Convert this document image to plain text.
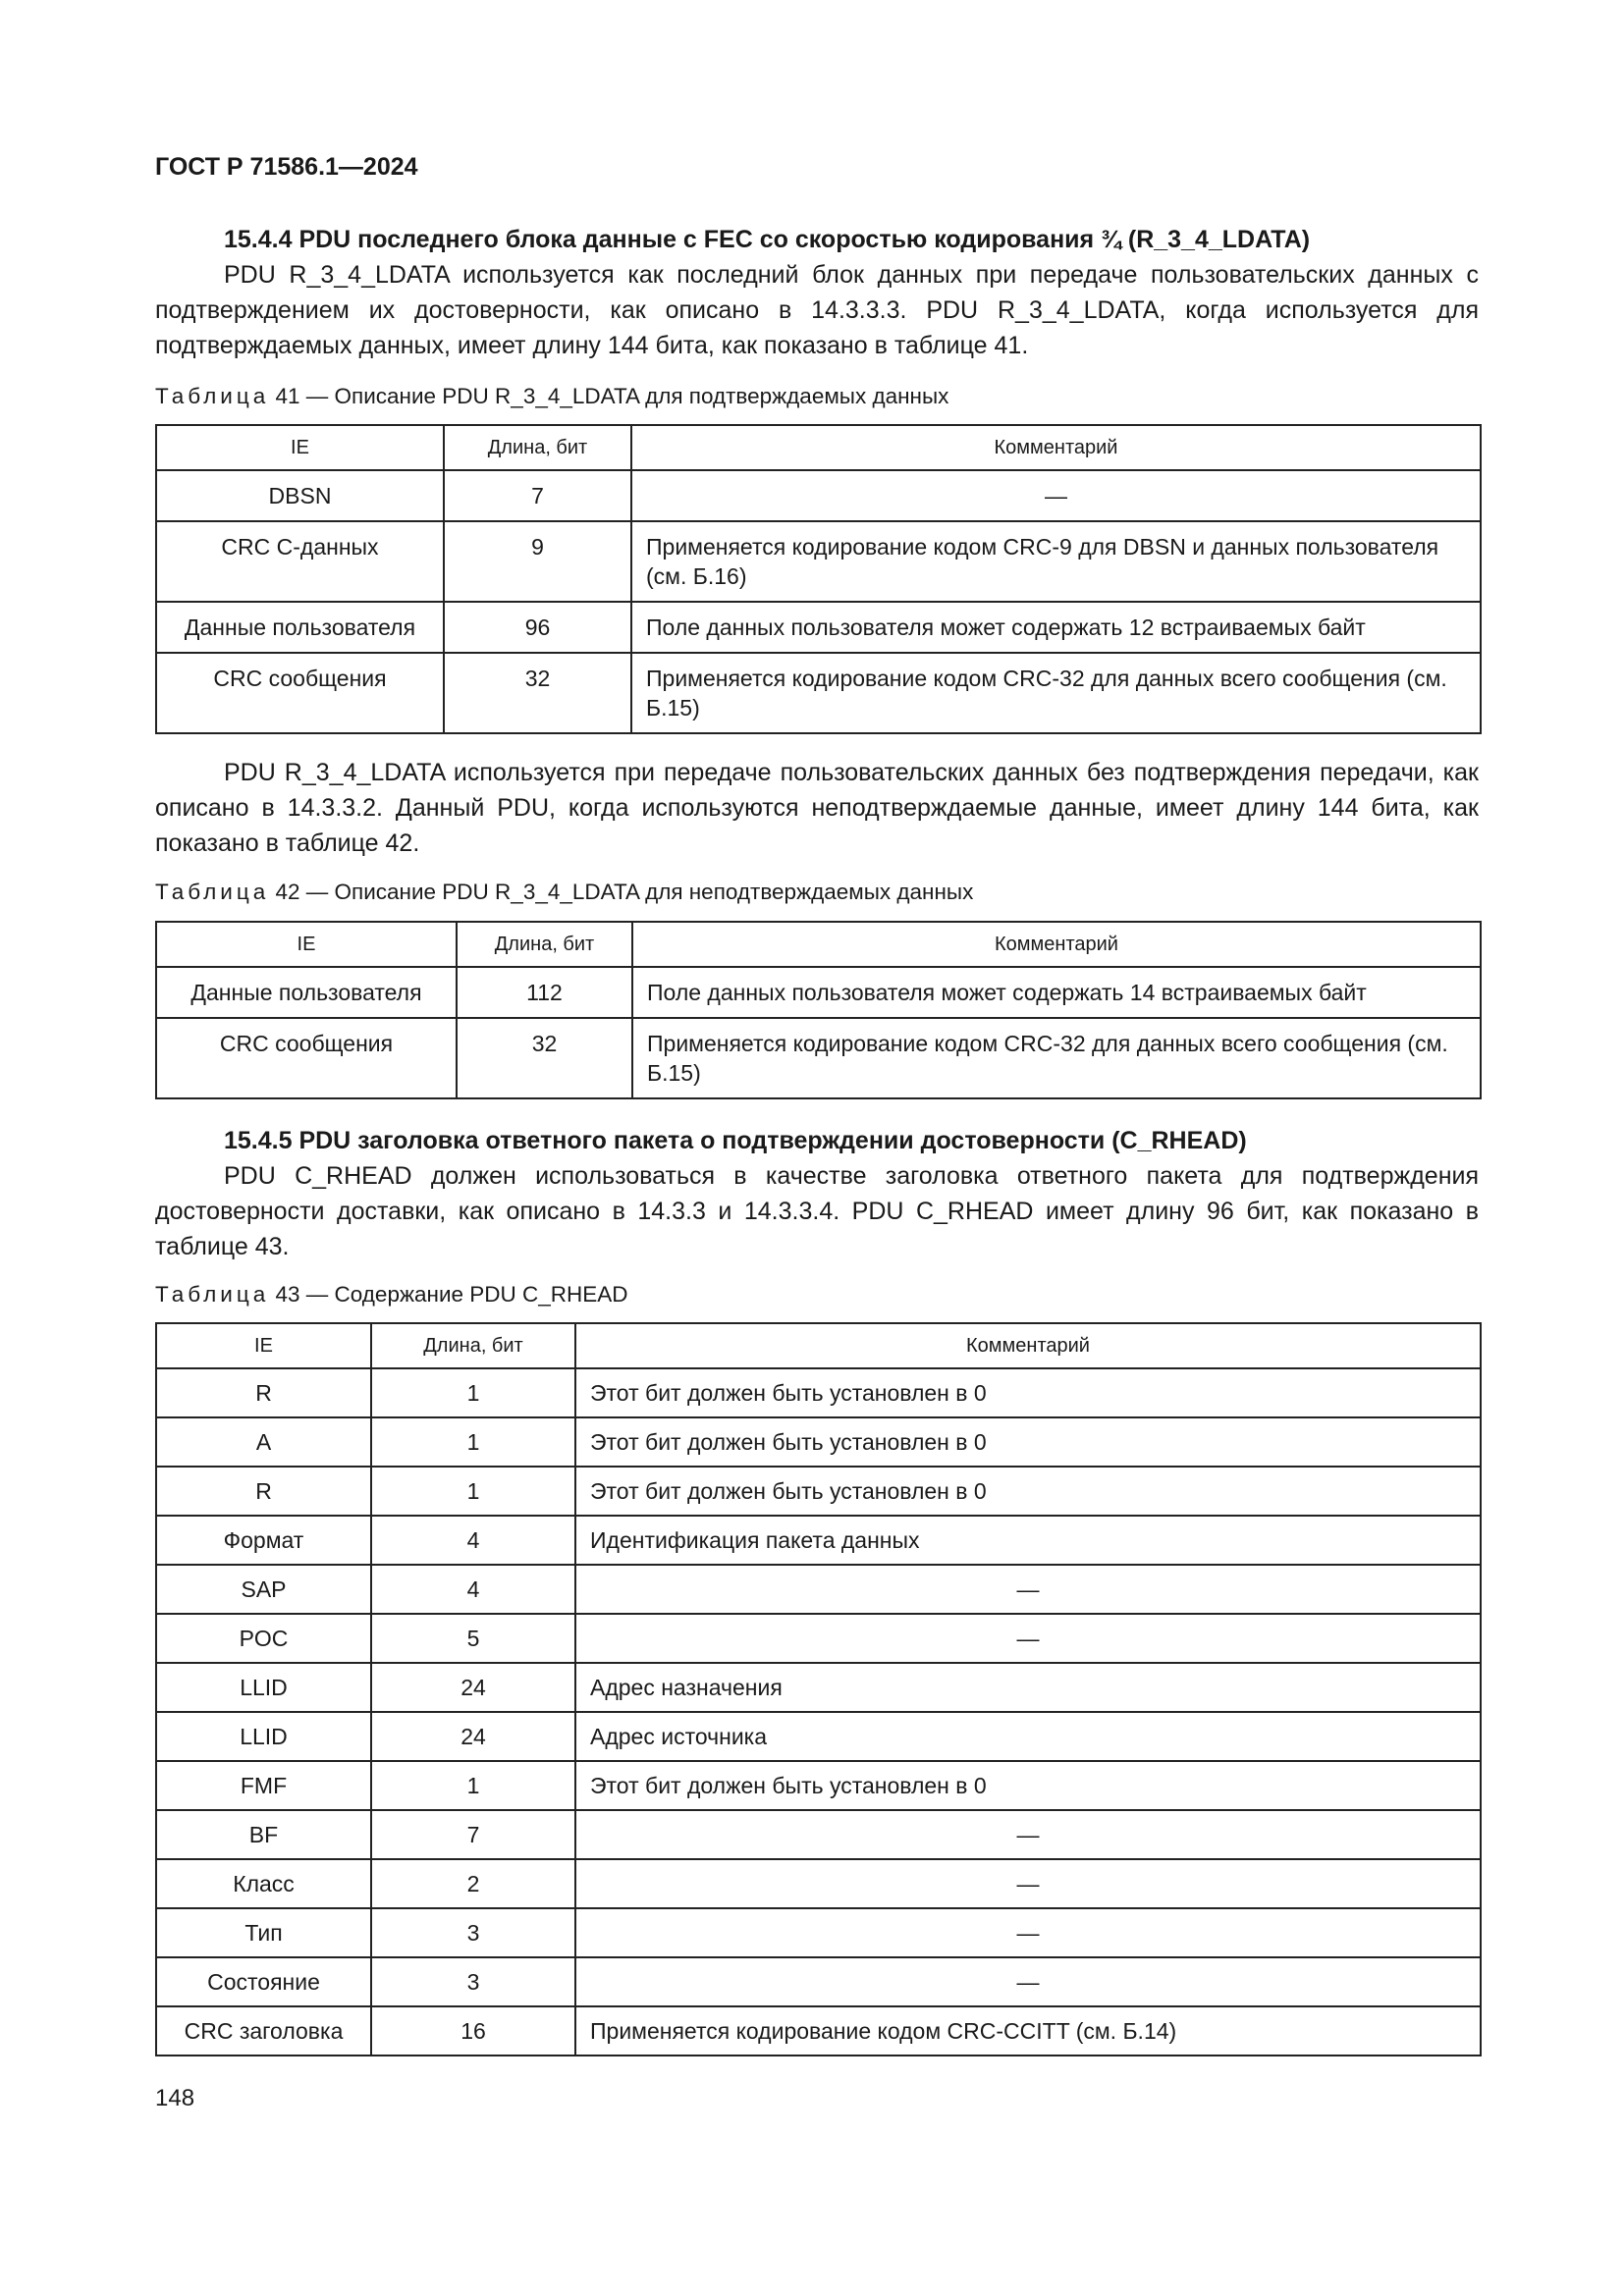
ГОСТ Р 71586.1—2024

15.4.4 PDU последнего блока данные с FEC со скоростью кодирования ¾ (R_3_4_LDATA)

PDU R_3_4_LDATA используется как последний блок данных при передаче пользовательских данных с подтверждением их достоверности, как описано в 14.3.3.3. PDU R_3_4_LDATA, когда используется для подтверждаемых данных, имеет длину 144 бита, как показано в таблице 41.

Таблица 41 — Описание PDU R_3_4_LDATA для подтверждаемых данных

IE	Длина, бит	Комментарий
DBSN	7	—
CRC С-данных	9	Применяется кодирование кодом CRC-9 для DBSN и данных пользователя (см. Б.16)
Данные пользователя	96	Поле данных пользователя может содержать 12 встраиваемых байт
CRC сообщения	32	Применяется кодирование кодом CRC-32 для данных всего сообщения (см. Б.15)

PDU R_3_4_LDATA используется при передаче пользовательских данных без подтверждения передачи, как описано в 14.3.3.2. Данный PDU, когда используются неподтверждаемые данные, имеет длину 144 бита, как показано в таблице 42.

Таблица 42 — Описание PDU R_3_4_LDATA для неподтверждаемых данных

IE	Длина, бит	Комментарий
Данные пользователя	112	Поле данных пользователя может содержать 14 встраиваемых байт
CRC сообщения	32	Применяется кодирование кодом CRC-32 для данных всего сообщения (см. Б.15)
15.4.5 PDU заголовка ответного пакета о подтверждении достоверности (C_RHEAD)

PDU C_RHEAD должен использоваться в качестве заголовка ответного пакета для подтверждения достоверности доставки, как описано в 14.3.3 и 14.3.3.4. PDU C_RHEAD имеет длину 96 бит, как показано в таблице 43.

Таблица 43 — Содержание PDU C_RHEAD

IE	Длина, бит	Комментарий
R	1	Этот бит должен быть установлен в 0
A	1	Этот бит должен быть установлен в 0
R	1	Этот бит должен быть установлен в 0
Формат	4	Идентификация пакета данных
SAP	4	—
POC	5	—
LLID	24	Адрес назначения
LLID	24	Адрес источника
FMF	1	Этот бит должен быть установлен в 0
BF	7	—
Класс	2	—
Тип	3	—
Состояние	3	—
CRC заголовка	16	Применяется кодирование кодом CRC-CCITT (см. Б.14)

148
